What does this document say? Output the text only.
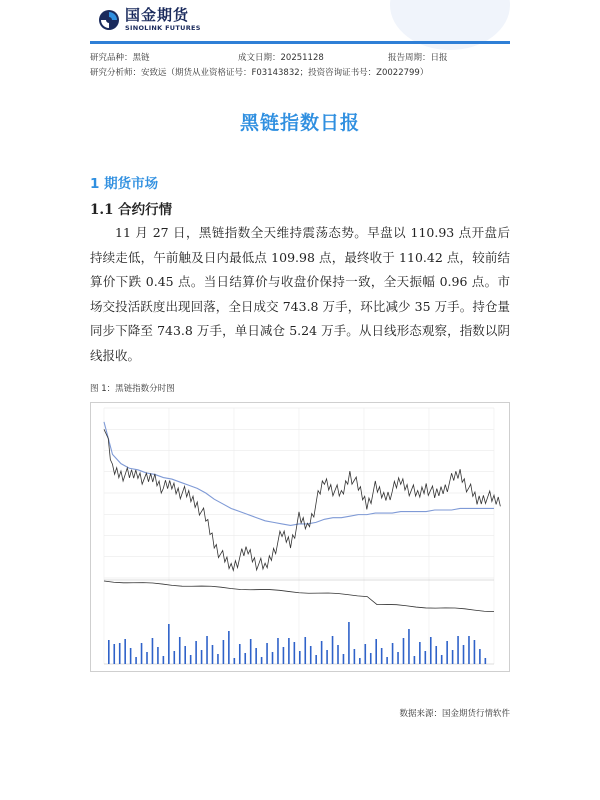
国金期货
SINOLINK FUTURES
研究品种：黑链	成文日期：20251128	报告周期：日报
研究分析师：安致远（期货从业资格证号：F03143832；投资咨询证书号：Z0022799）
黑链指数日报
1 期货市场
1.1 合约行情
11 月 27 日，黑链指数全天维持震荡态势。早盘以 110.93 点开盘后持续走低，午前触及日内最低点 109.98 点，最终收于 110.42 点，较前结算价下跌 0.45 点。当日结算价与收盘价保持一致，全天振幅 0.96 点。市场交投活跃度出现回落，全日成交 743.8 万手，环比减少 35 万手。持仓量同步下降至 743.8 万手，单日减仓 5.24 万手。从日线形态观察，指数以阴线报收。
图 1：黑链指数分时图
数据来源：国金期货行情软件
